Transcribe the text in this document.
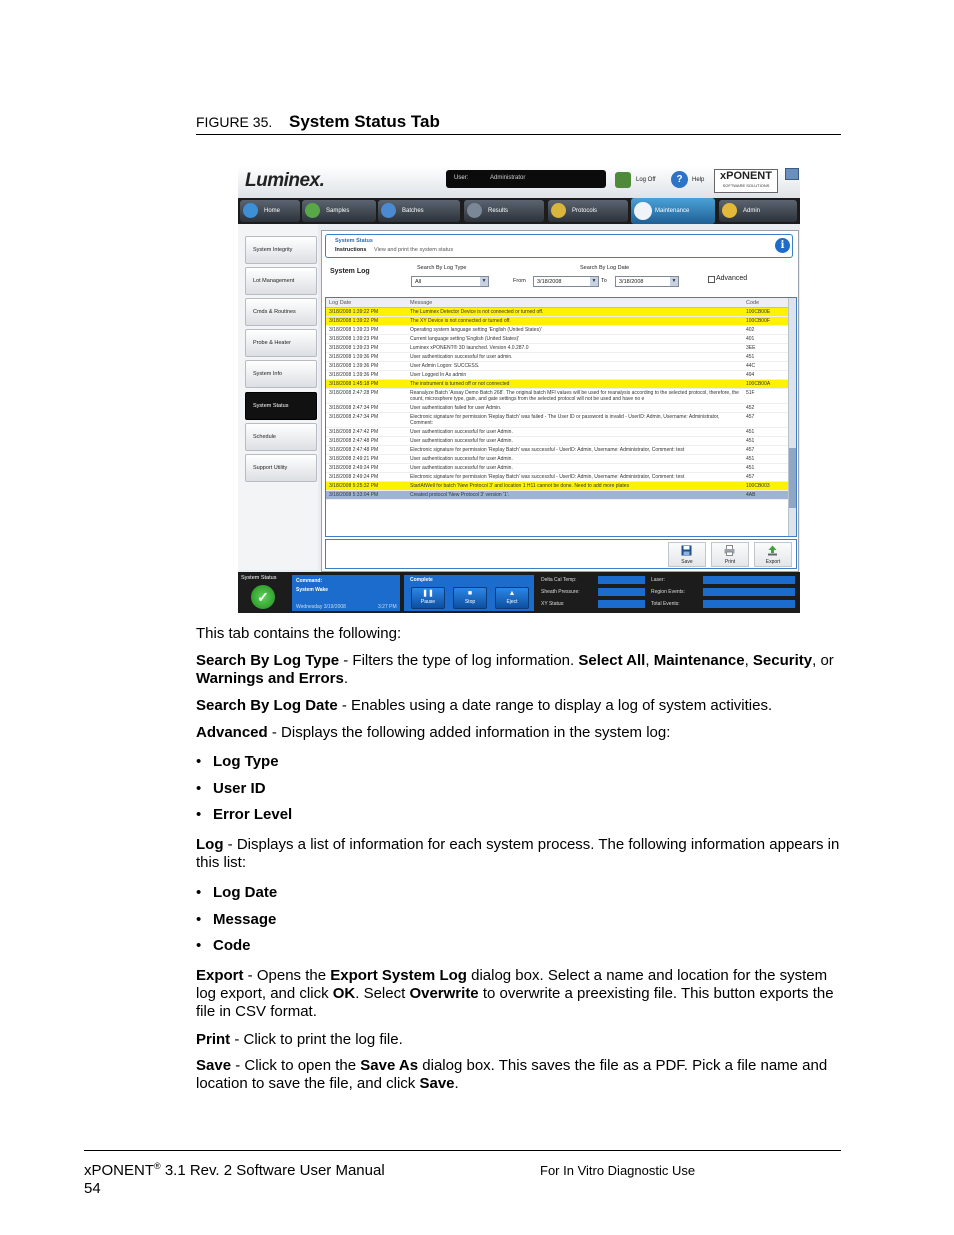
FIGURE 35. System Status Tab
Luminex.	User:	Administrator	Log Off	?	Help	xPONENT
SOFTWARE SOLUTIONS
Home	Samples	Batches	Results	Protocols	Maintenance	Admin
System Integrity
Lot Management
Cmds & Routines
Probe & Heater
System Info
System Status
Schedule
Support Utility
System Status
Instructions View and print the system status	i
System Log	Search By Log Type
All	▼
Search By Log Date
From 3/18/2008	▼ To 3/18/2008	▼	Advanced
Log Date	Message	Code
3/18/2008 1:39:22 PM	The Luminex Detector Device is not connected or turned off.	100CB00E
3/18/2008 1:39:22 PM	The XY Device is not connected or turned off.	100CB00F
3/18/2008 1:39:23 PM	Operating system language setting 'English (United States)'	402
3/18/2008 1:39:23 PM	Current language setting 'English (United States)'	401
3/18/2008 1:39:23 PM	Luminex xPONENT® 3D launched. Version 4.0.287.0	3EE
3/18/2008 1:39:36 PM	User authentication successful for user admin.	451
3/18/2008 1:39:36 PM	User Admin Logon: SUCCESS.	44C
3/18/2008 1:39:36 PM	User Logged In As admin	494
3/18/2008 1:45:18 PM	The instrument is turned off or not connected	100CB00A
3/18/2008 2:47:28 PM	Reanalyze Batch 'Assay Demo Batch 268'. The original batch MFI values will be used for reanalysis according to the selected protocol, therefore, the count, microsphere type, gain, and gate settings from the selected protocol will not be used and have no e
51F
3/18/2008 2:47:34 PM	User authentication failed for user Admin.	452
3/18/2008 2:47:34 PM	Electronic signature for permission 'Replay Batch' was failed - The User ID or password is invalid - UserID: Admin, Username: Administrator, Comment:
457
3/18/2008 2:47:42 PM	User authentication successful for user Admin.	451
3/18/2008 2:47:48 PM	User authentication successful for user Admin.	451
3/18/2008 2:47:48 PM	Electronic signature for permission 'Replay Batch' was successful - UserID: Admin, Username: Administrator, Comment: test	457
3/18/2008 2:49:21 PM	User authentication successful for user Admin.	451
3/18/2008 2:49:24 PM	User authentication successful for user Admin.	451
3/18/2008 2:49:24 PM	Electronic signature for permission 'Replay Batch' was successful - UserID: Admin, Username: Administrator, Comment: test	457
3/18/2008 5:25:32 PM	StartAtWell for batch 'New Protocol 3' and location 1 H11 cannot be done. Need to add more plates	100CB003
3/18/2008 5:33:04 PM	Created protocol 'New Protocol 3' version '1'.	4AB
Save	Print	Export
System Status
✓
Command:
System Wake
Wednesday 3/19/2008	3:27 PM
Complete
❚❚
Pause
■
Stop
▲
Eject
Delta Cal Temp:
Sheath Pressure:
XY Status:
Laser:
Region Events:
Total Events:
This tab contains the following:
Search By Log Type - Filters the type of log information. Select All, Maintenance, Security, or Warnings and Errors.
Search By Log Date - Enables using a date range to display a log of system activities.
Advanced - Displays the following added information in the system log:
• Log Type
• User ID
• Error Level
Log - Displays a list of information for each system process. The following information appears in this list:
• Log Date
• Message
• Code
Export - Opens the Export System Log dialog box. Select a name and location for the system log export, and click OK. Select Overwrite to overwrite a preexisting file. This button exports the file in CSV format.
Print - Click to print the log file.
Save - Click to open the Save As dialog box. This saves the file as a PDF. Pick a file name and location to save the file, and click Save.
xPONENT® 3.1 Rev. 2 Software User Manual
54
For In Vitro Diagnostic Use
